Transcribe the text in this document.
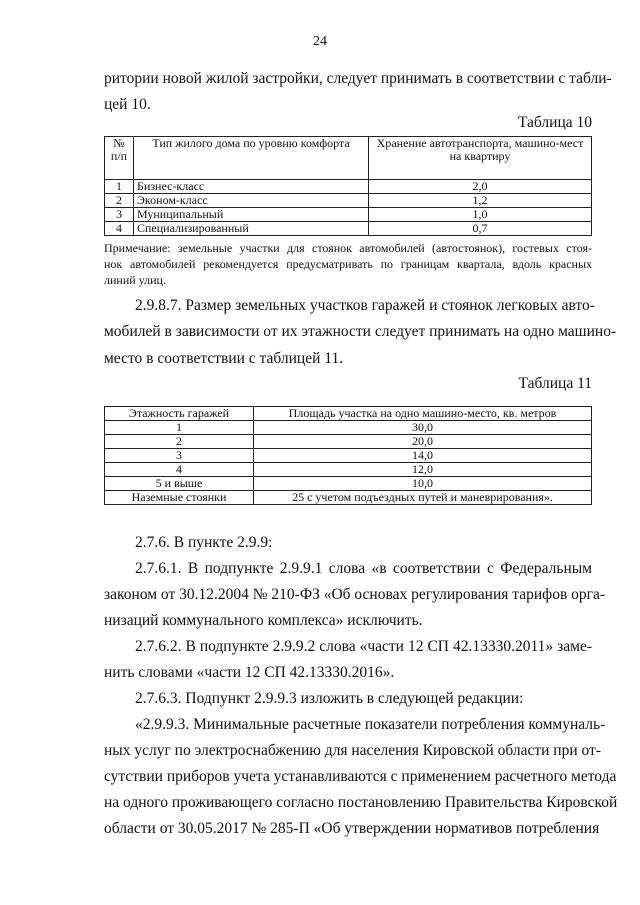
24
ритории новой жилой застройки, следует принимать в соответствии с табли-
цей 10.
Таблица 10
№ п/п	Тип жилого дома по уровню комфорта	Хранение автотранспорта, машино-мест на квартиру
1	Бизнес-класс	2,0
2	Эконом-класс	1,2
3	Муниципальный	1,0
4	Специализированный	0,7
Примечание: земельные участки для стоянок автомобилей (автостоянок), гостевых стоя-
нок автомобилей рекомендуется предусматривать по границам квартала, вдоль красных
линий улиц.
2.9.8.7. Размер земельных участков гаражей и стоянок легковых авто-
мобилей в зависимости от их этажности следует принимать на одно машино-
место в соответствии с таблицей 11.
Таблица 11
Этажность гаражей	Площадь участка на одно машино-место, кв. метров
1	30,0
2	20,0
3	14,0
4	12,0
5 и выше	10,0
Наземные стоянки	25 с учетом подъездных путей и маневрирования».
2.7.6. В пункте 2.9.9:
2.7.6.1. В подпункте 2.9.9.1 слова «в соответствии с Федеральным
законом от 30.12.2004 № 210-ФЗ «Об основах регулирования тарифов орга-
низаций коммунального комплекса» исключить.
2.7.6.2. В подпункте 2.9.9.2 слова «части 12 СП 42.13330.2011» заме-
нить словами «части 12 СП 42.13330.2016».
2.7.6.3. Подпункт 2.9.9.3 изложить в следующей редакции:
«2.9.9.3. Минимальные расчетные показатели потребления коммуналь-
ных услуг по электроснабжению для населения Кировской области при от-
сутствии приборов учета устанавливаются с применением расчетного метода
на одного проживающего согласно постановлению Правительства Кировской
области от 30.05.2017 № 285-П «Об утверждении нормативов потребления
